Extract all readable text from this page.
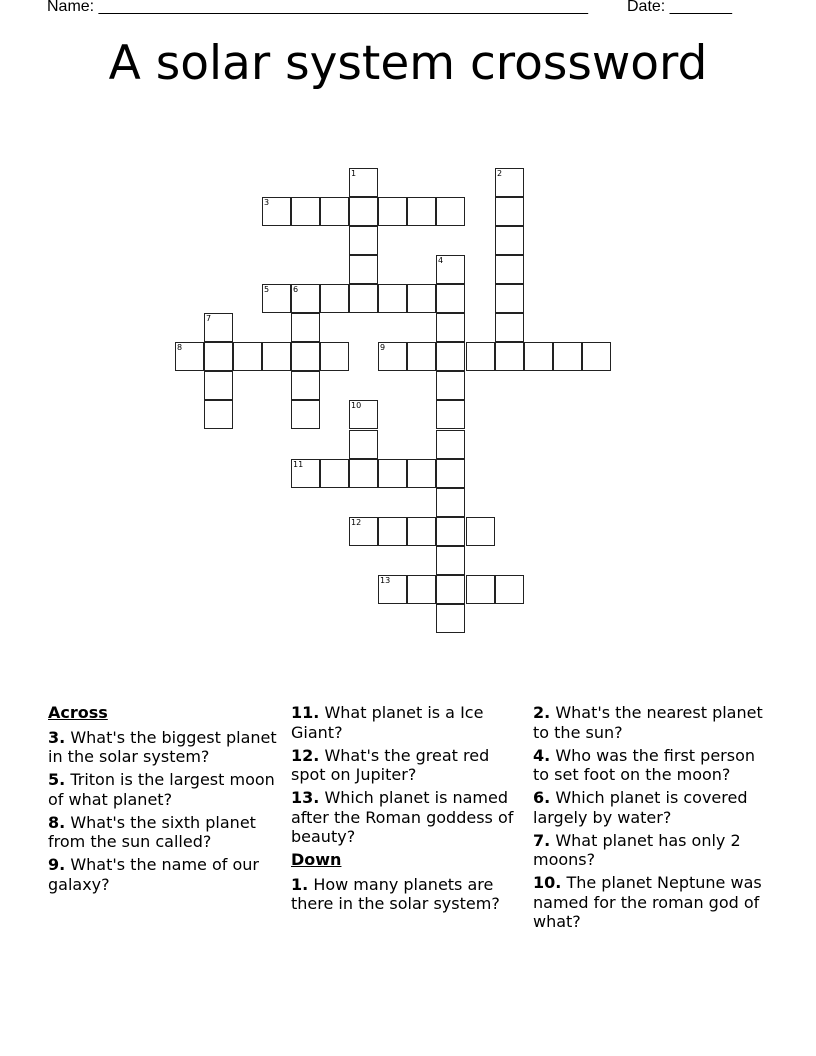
Name: _______________________________________________________ Date: _______
A solar system crossword
1	2
3
4
5	6
7
8	9
10
11
12
13
Across
3. What's the biggest planet in the solar system?
5. Triton is the largest moon of what planet?
8. What's the sixth planet from the sun called?
9. What's the name of our galaxy?
11. What planet is a Ice Giant?
12. What's the great red spot on Jupiter?
13. Which planet is named after the Roman goddess of beauty?
Down
1. How many planets are there in the solar system?
2. What's the nearest planet to the sun?
4. Who was the first person to set foot on the moon?
6. Which planet is covered largely by water?
7. What planet has only 2 moons?
10. The planet Neptune was named for the roman god of what?
